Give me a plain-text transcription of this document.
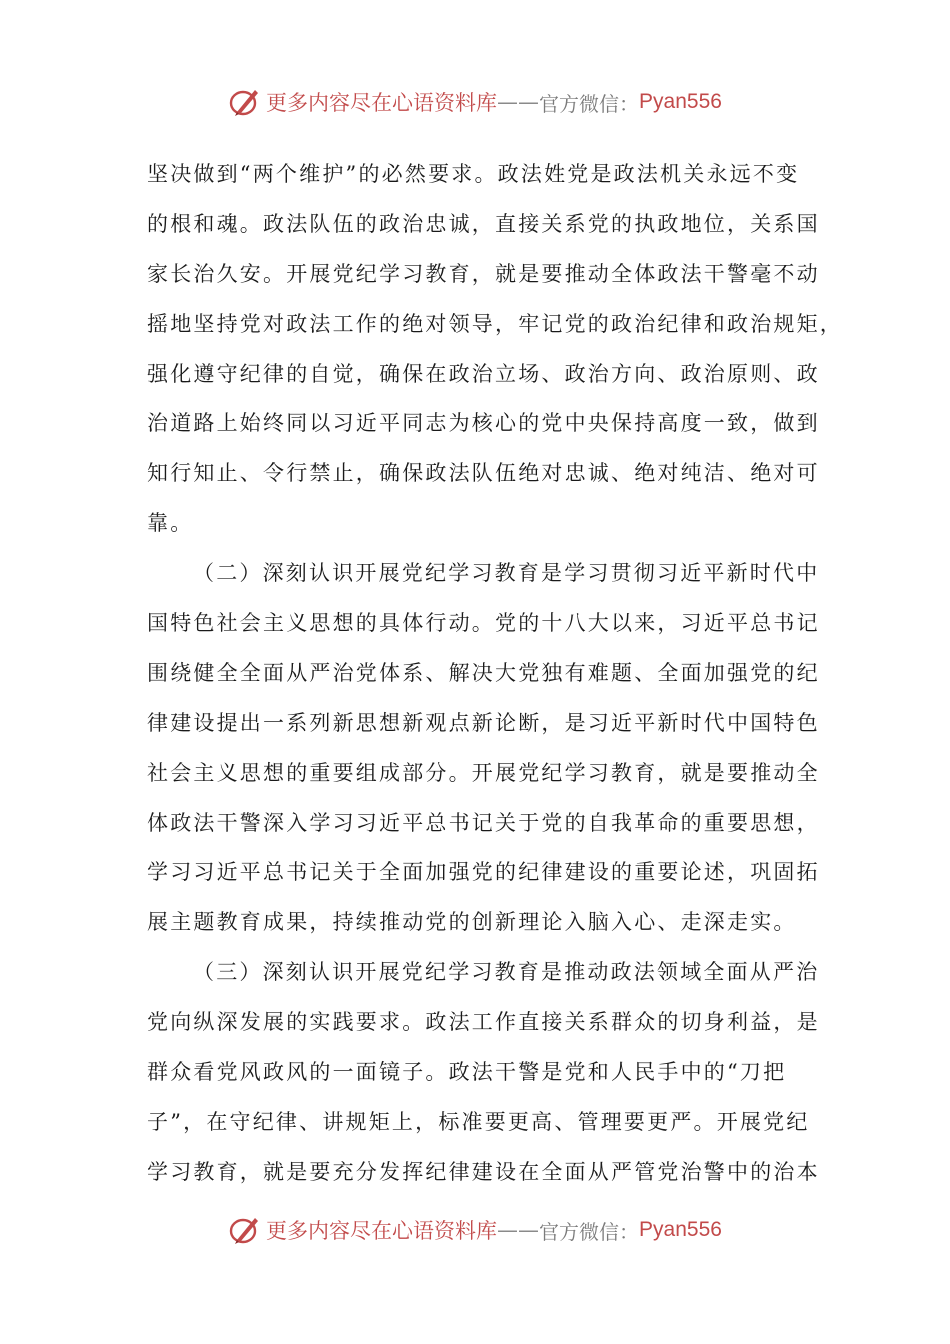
更多内容尽在心语资料库 —— 官方微信： Pyan556
坚决做到“两个维护”的必然要求。政法姓党是政法机关永远不变
的根和魂。政法队伍的政治忠诚，直接关系党的执政地位，关系国
家长治久安。开展党纪学习教育，就是要推动全体政法干警毫不动
摇地坚持党对政法工作的绝对领导，牢记党的政治纪律和政治规矩，
强化遵守纪律的自觉，确保在政治立场、政治方向、政治原则、政
治道路上始终同以习近平同志为核心的党中央保持高度一致，做到
知行知止、令行禁止，确保政法队伍绝对忠诚、绝对纯洁、绝对可
靠。
（二）深刻认识开展党纪学习教育是学习贯彻习近平新时代中
国特色社会主义思想的具体行动。党的十八大以来，习近平总书记
围绕健全全面从严治党体系、解决大党独有难题、全面加强党的纪
律建设提出一系列新思想新观点新论断，是习近平新时代中国特色
社会主义思想的重要组成部分。开展党纪学习教育，就是要推动全
体政法干警深入学习习近平总书记关于党的自我革命的重要思想，
学习习近平总书记关于全面加强党的纪律建设的重要论述，巩固拓
展主题教育成果，持续推动党的创新理论入脑入心、走深走实。
（三）深刻认识开展党纪学习教育是推动政法领域全面从严治
党向纵深发展的实践要求。政法工作直接关系群众的切身利益，是
群众看党风政风的一面镜子。政法干警是党和人民手中的“刀把
子”，在守纪律、讲规矩上，标准要更高、管理要更严。开展党纪
学习教育，就是要充分发挥纪律建设在全面从严管党治警中的治本
更多内容尽在心语资料库 —— 官方微信： Pyan556
